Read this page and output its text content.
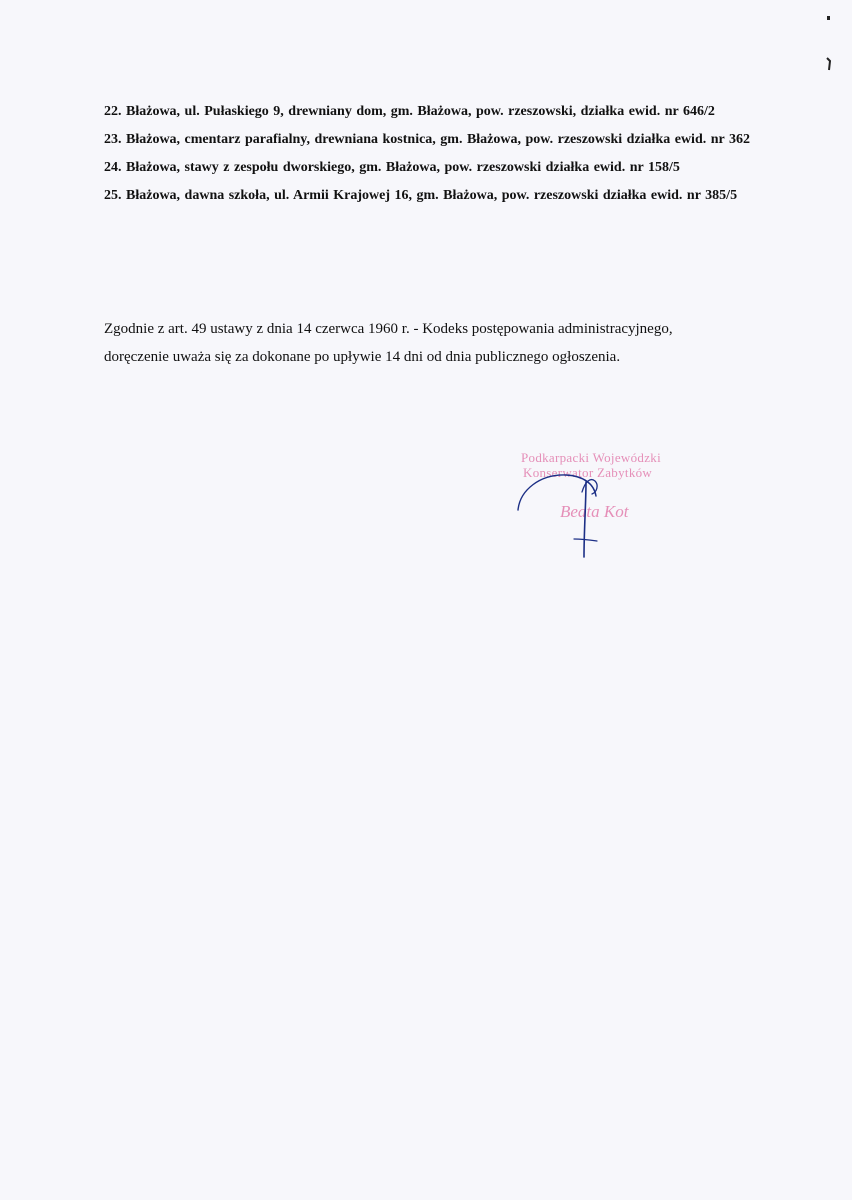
22. Błażowa, ul. Pułaskiego 9, drewniany dom, gm. Błażowa, pow. rzeszowski, działka ewid. nr 646/2
23. Błażowa, cmentarz parafialny, drewniana kostnica, gm. Błażowa, pow. rzeszowski działka ewid. nr 362
24. Błażowa, stawy z zespołu dworskiego, gm. Błażowa, pow. rzeszowski działka ewid. nr 158/5
25. Błażowa, dawna szkoła, ul. Armii Krajowej 16, gm. Błażowa, pow. rzeszowski działka ewid. nr 385/5

Zgodnie z art. 49 ustawy z dnia 14 czerwca 1960 r. - Kodeks postępowania administracyjnego,
doręczenie uważa się za dokonane po upływie 14 dni od dnia publicznego ogłoszenia.

Podkarpacki Wojewódzki
Konserwator Zabytków
Beata Kot
